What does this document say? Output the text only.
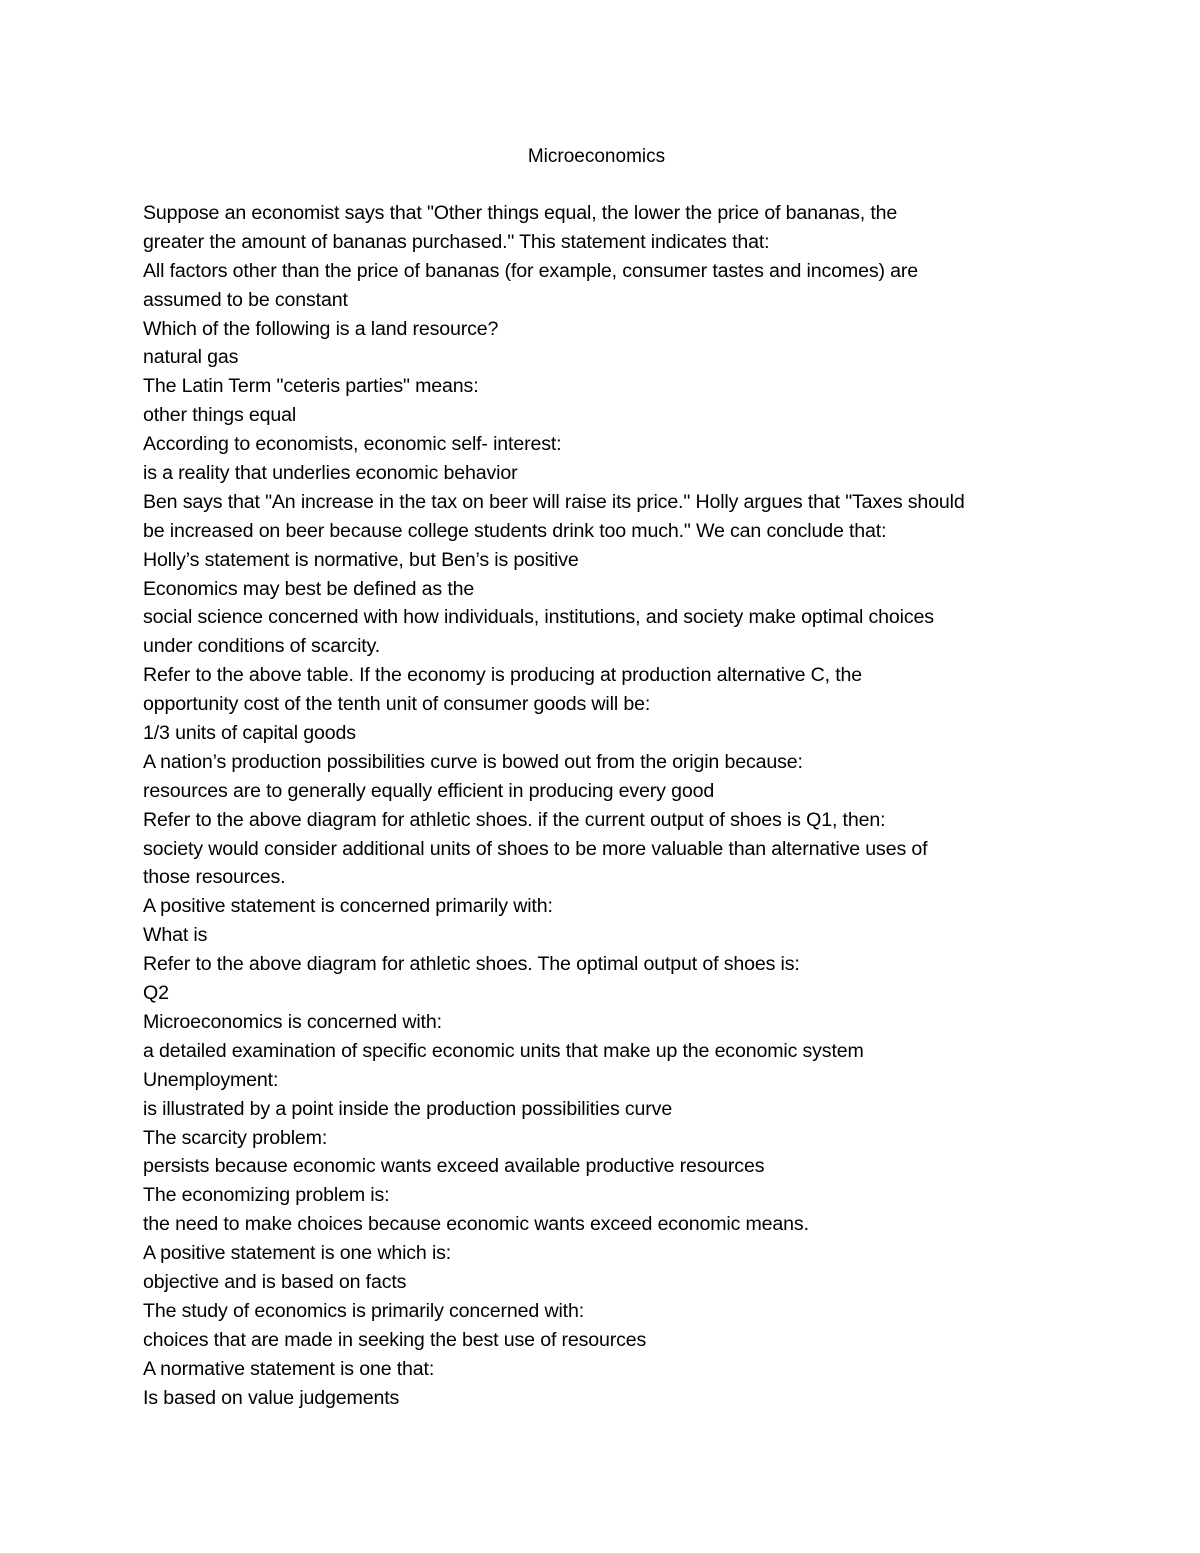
Microeconomics
Suppose an economist says that "Other things equal, the lower the price of bananas, the
greater the amount of bananas purchased." This statement indicates that:
All factors other than the price of bananas (for example, consumer tastes and incomes) are
assumed to be constant
Which of the following is a land resource?
natural gas
The Latin Term "ceteris parties" means:
other things equal
According to economists, economic self- interest:
is a reality that underlies economic behavior
Ben says that "An increase in the tax on beer will raise its price." Holly argues that "Taxes should
be increased on beer because college students drink too much." We can conclude that:
Holly’s statement is normative, but Ben’s is positive
Economics may best be defined as the
social science concerned with how individuals, institutions, and society make optimal choices
under conditions of scarcity.
Refer to the above table. If the economy is producing at production alternative C, the
opportunity cost of the tenth unit of consumer goods will be:
1/3 units of capital goods
A nation’s production possibilities curve is bowed out from the origin because:
resources are to generally equally efficient in producing every good
Refer to the above diagram for athletic shoes. if the current output of shoes is Q1, then:
society would consider additional units of shoes to be more valuable than alternative uses of
those resources.
A positive statement is concerned primarily with:
What is
Refer to the above diagram for athletic shoes. The optimal output of shoes is:
Q2
Microeconomics is concerned with:
a detailed examination of specific economic units that make up the economic system
Unemployment:
is illustrated by a point inside the production possibilities curve
The scarcity problem:
persists because economic wants exceed available productive resources
The economizing problem is:
the need to make choices because economic wants exceed economic means.
A positive statement is one which is:
objective and is based on facts
The study of economics is primarily concerned with:
choices that are made in seeking the best use of resources
A normative statement is one that:
Is based on value judgements
